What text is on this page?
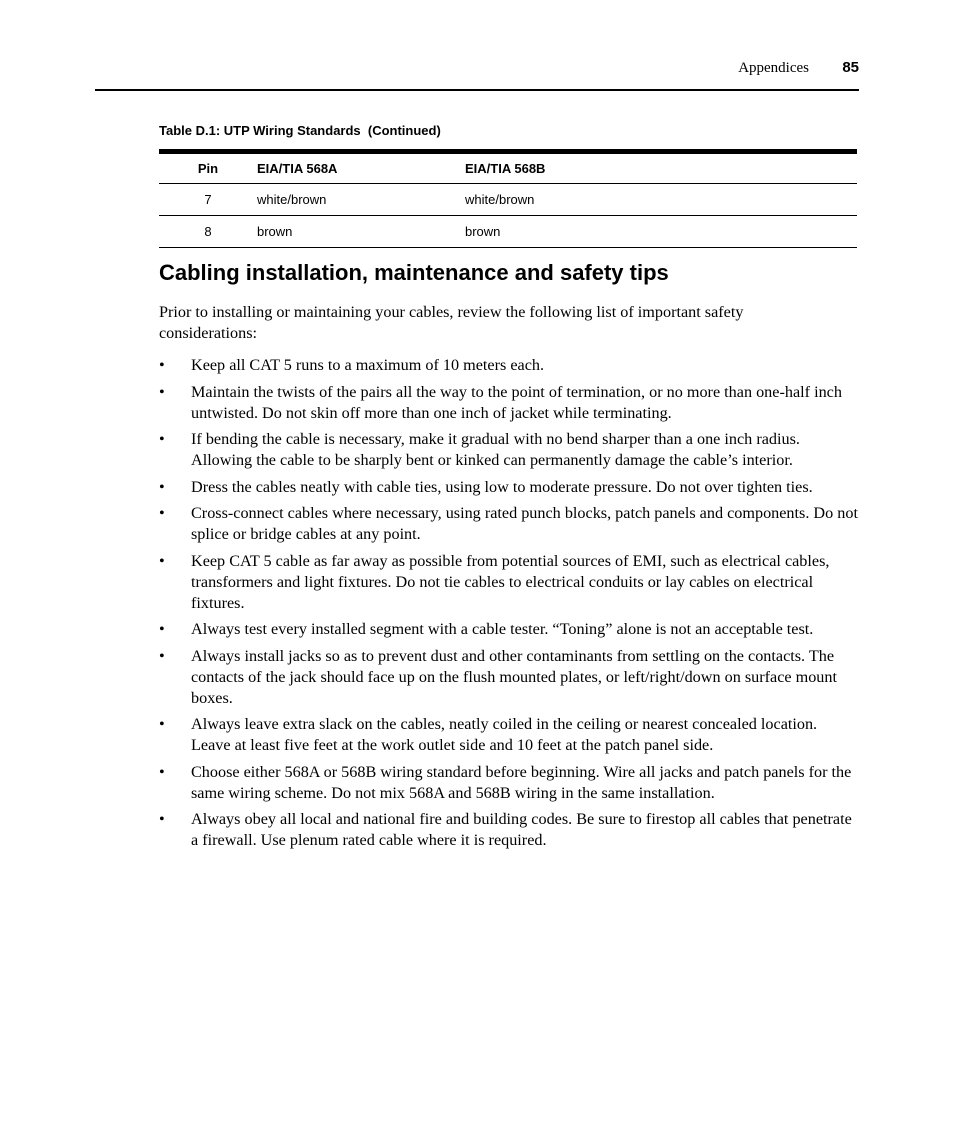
Appendices 85
Table D.1: UTP Wiring Standards  (Continued)
Pin	EIA/TIA 568A	EIA/TIA 568B
7	white/brown	white/brown
8	brown	brown
Cabling installation, maintenance and safety tips

Prior to installing or maintaining your cables, review the following list of important safety considerations:

• Keep all CAT 5 runs to a maximum of 10 meters each.
• Maintain the twists of the pairs all the way to the point of termination, or no more than one-half inch untwisted. Do not skin off more than one inch of jacket while terminating.
• If bending the cable is necessary, make it gradual with no bend sharper than a one inch radius. Allowing the cable to be sharply bent or kinked can permanently damage the cable’s interior.
• Dress the cables neatly with cable ties, using low to moderate pressure. Do not over tighten ties.
• Cross-connect cables where necessary, using rated punch blocks, patch panels and components. Do not splice or bridge cables at any point.
• Keep CAT 5 cable as far away as possible from potential sources of EMI, such as electrical cables, transformers and light fixtures. Do not tie cables to electrical conduits or lay cables on electrical fixtures.
• Always test every installed segment with a cable tester. “Toning” alone is not an acceptable test.
• Always install jacks so as to prevent dust and other contaminants from settling on the contacts. The contacts of the jack should face up on the flush mounted plates, or left/right/down on surface mount boxes.
• Always leave extra slack on the cables, neatly coiled in the ceiling or nearest concealed location. Leave at least five feet at the work outlet side and 10 feet at the patch panel side.
• Choose either 568A or 568B wiring standard before beginning. Wire all jacks and patch panels for the same wiring scheme. Do not mix 568A and 568B wiring in the same installation.
• Always obey all local and national fire and building codes. Be sure to firestop all cables that penetrate a firewall. Use plenum rated cable where it is required.
